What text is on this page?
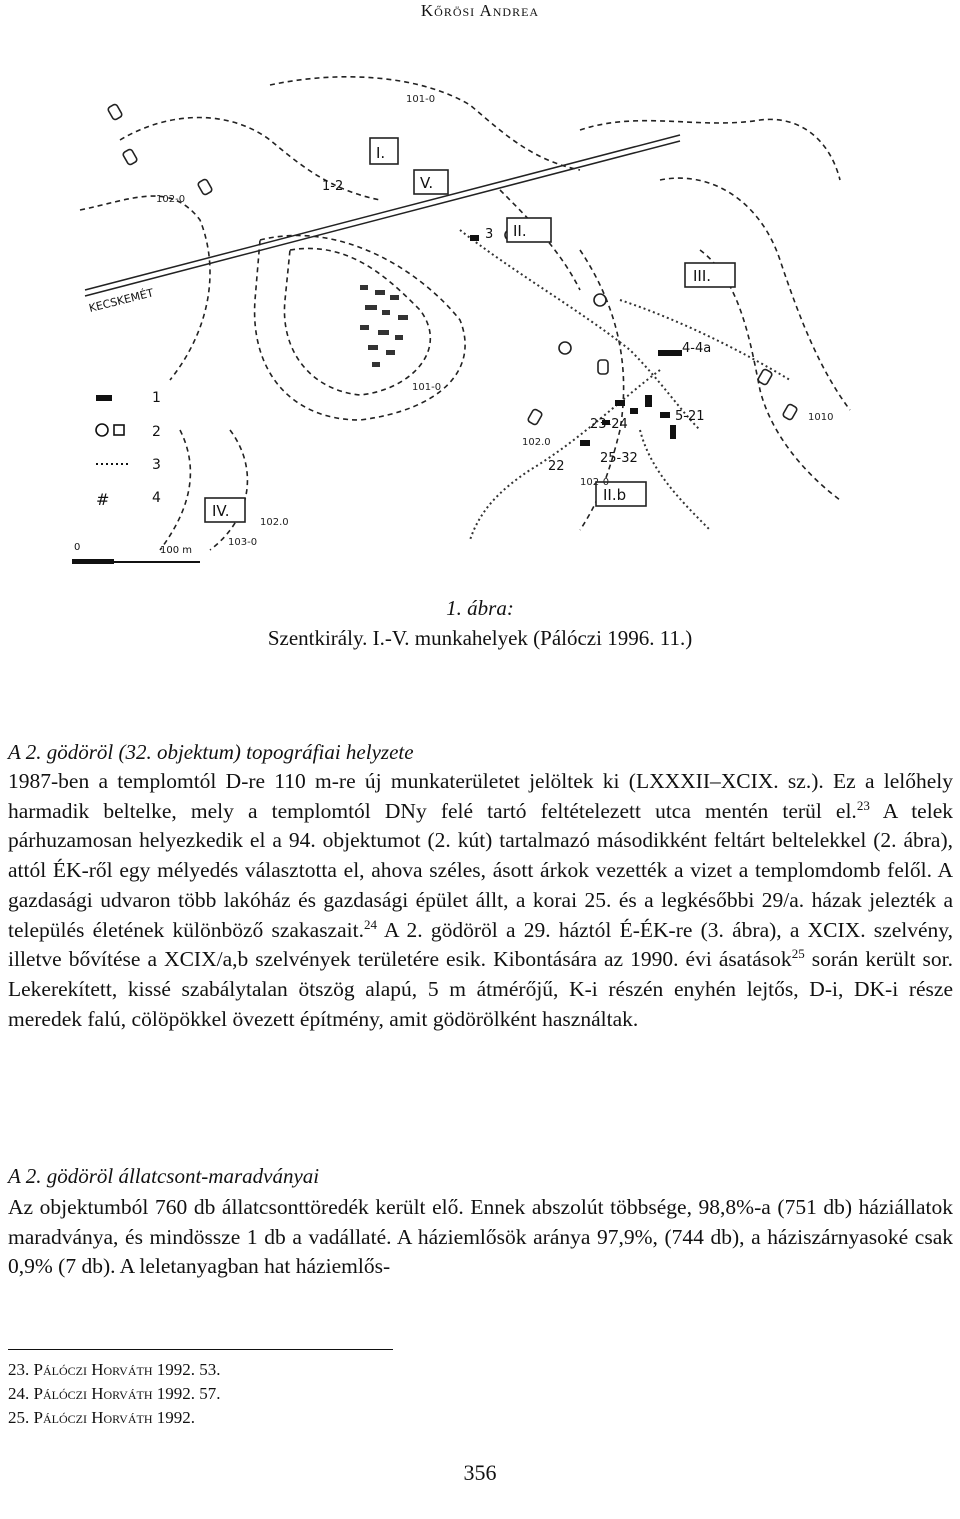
Kőrösi Andrea
I.
V.
II.
III.
II.b
IV.
1-2
3
4-4a
5-21
23-24
25-32
22
101-0
102-0
101-0
1010
102.0
102-0
102.0
103-0
KECSKEMÉT
1
2
3
#	4
0	100 m
1. ábra:
Szentkirály. I.-V. munkahelyek (Pálóczi 1996. 11.)
A 2. gödöröl (32. objektum) topográfiai helyzete

1987-ben a templomtól D-re 110 m-re új munkaterületet jelöltek ki (LXXXII–XCIX. sz.). Ez a lelőhely harmadik beltelke, mely a templomtól DNy felé tartó feltételezett utca mentén terül el.$^{23}$ A telek párhuzamosan helyezkedik el a 94. objektumot (2. kút) tartalmazó másodikként feltárt beltelekkel (2. ábra), attól ÉK-ről egy mélyedés választotta el, ahova széles, ásott árkok vezették a vizet a templomdomb felől. A gazdasági udvaron több lakóház és gazdasági épület állt, a korai 25. és a legkésőbbi 29/a. házak jelezték a település életének különböző szakaszait.$^{24}$ A 2. gödöröl a 29. háztól É-ÉK-re (3. ábra), a XCIX. szelvény, illetve bővítése a XCIX/a,b szelvények területére esik. Kibontására az 1990. évi ásatások$^{25}$ során került sor. Lekerekített, kissé szabálytalan ötszög alapú, 5 m átmérőjű, K-i részén enyhén lejtős, D-i, DK-i része meredek falú, cölöpökkel övezett építmény, amit gödörölként használtak.

A 2. gödöröl állatcsont-maradványai

Az objektumból 760 db állatcsonttöredék került elő. Ennek abszolút többsége, 98,8%-a (751 db) háziállatok maradványa, és mindössze 1 db a vadállaté. A háziemlősök aránya 97,9%, (744 db), a háziszárnyasoké csak 0,9% (7 db). A leletanyagban hat háziemlős-

23. Pálóczi Horváth 1992. 53.
24. Pálóczi Horváth 1992. 57.
25. Pálóczi Horváth 1992.
356
